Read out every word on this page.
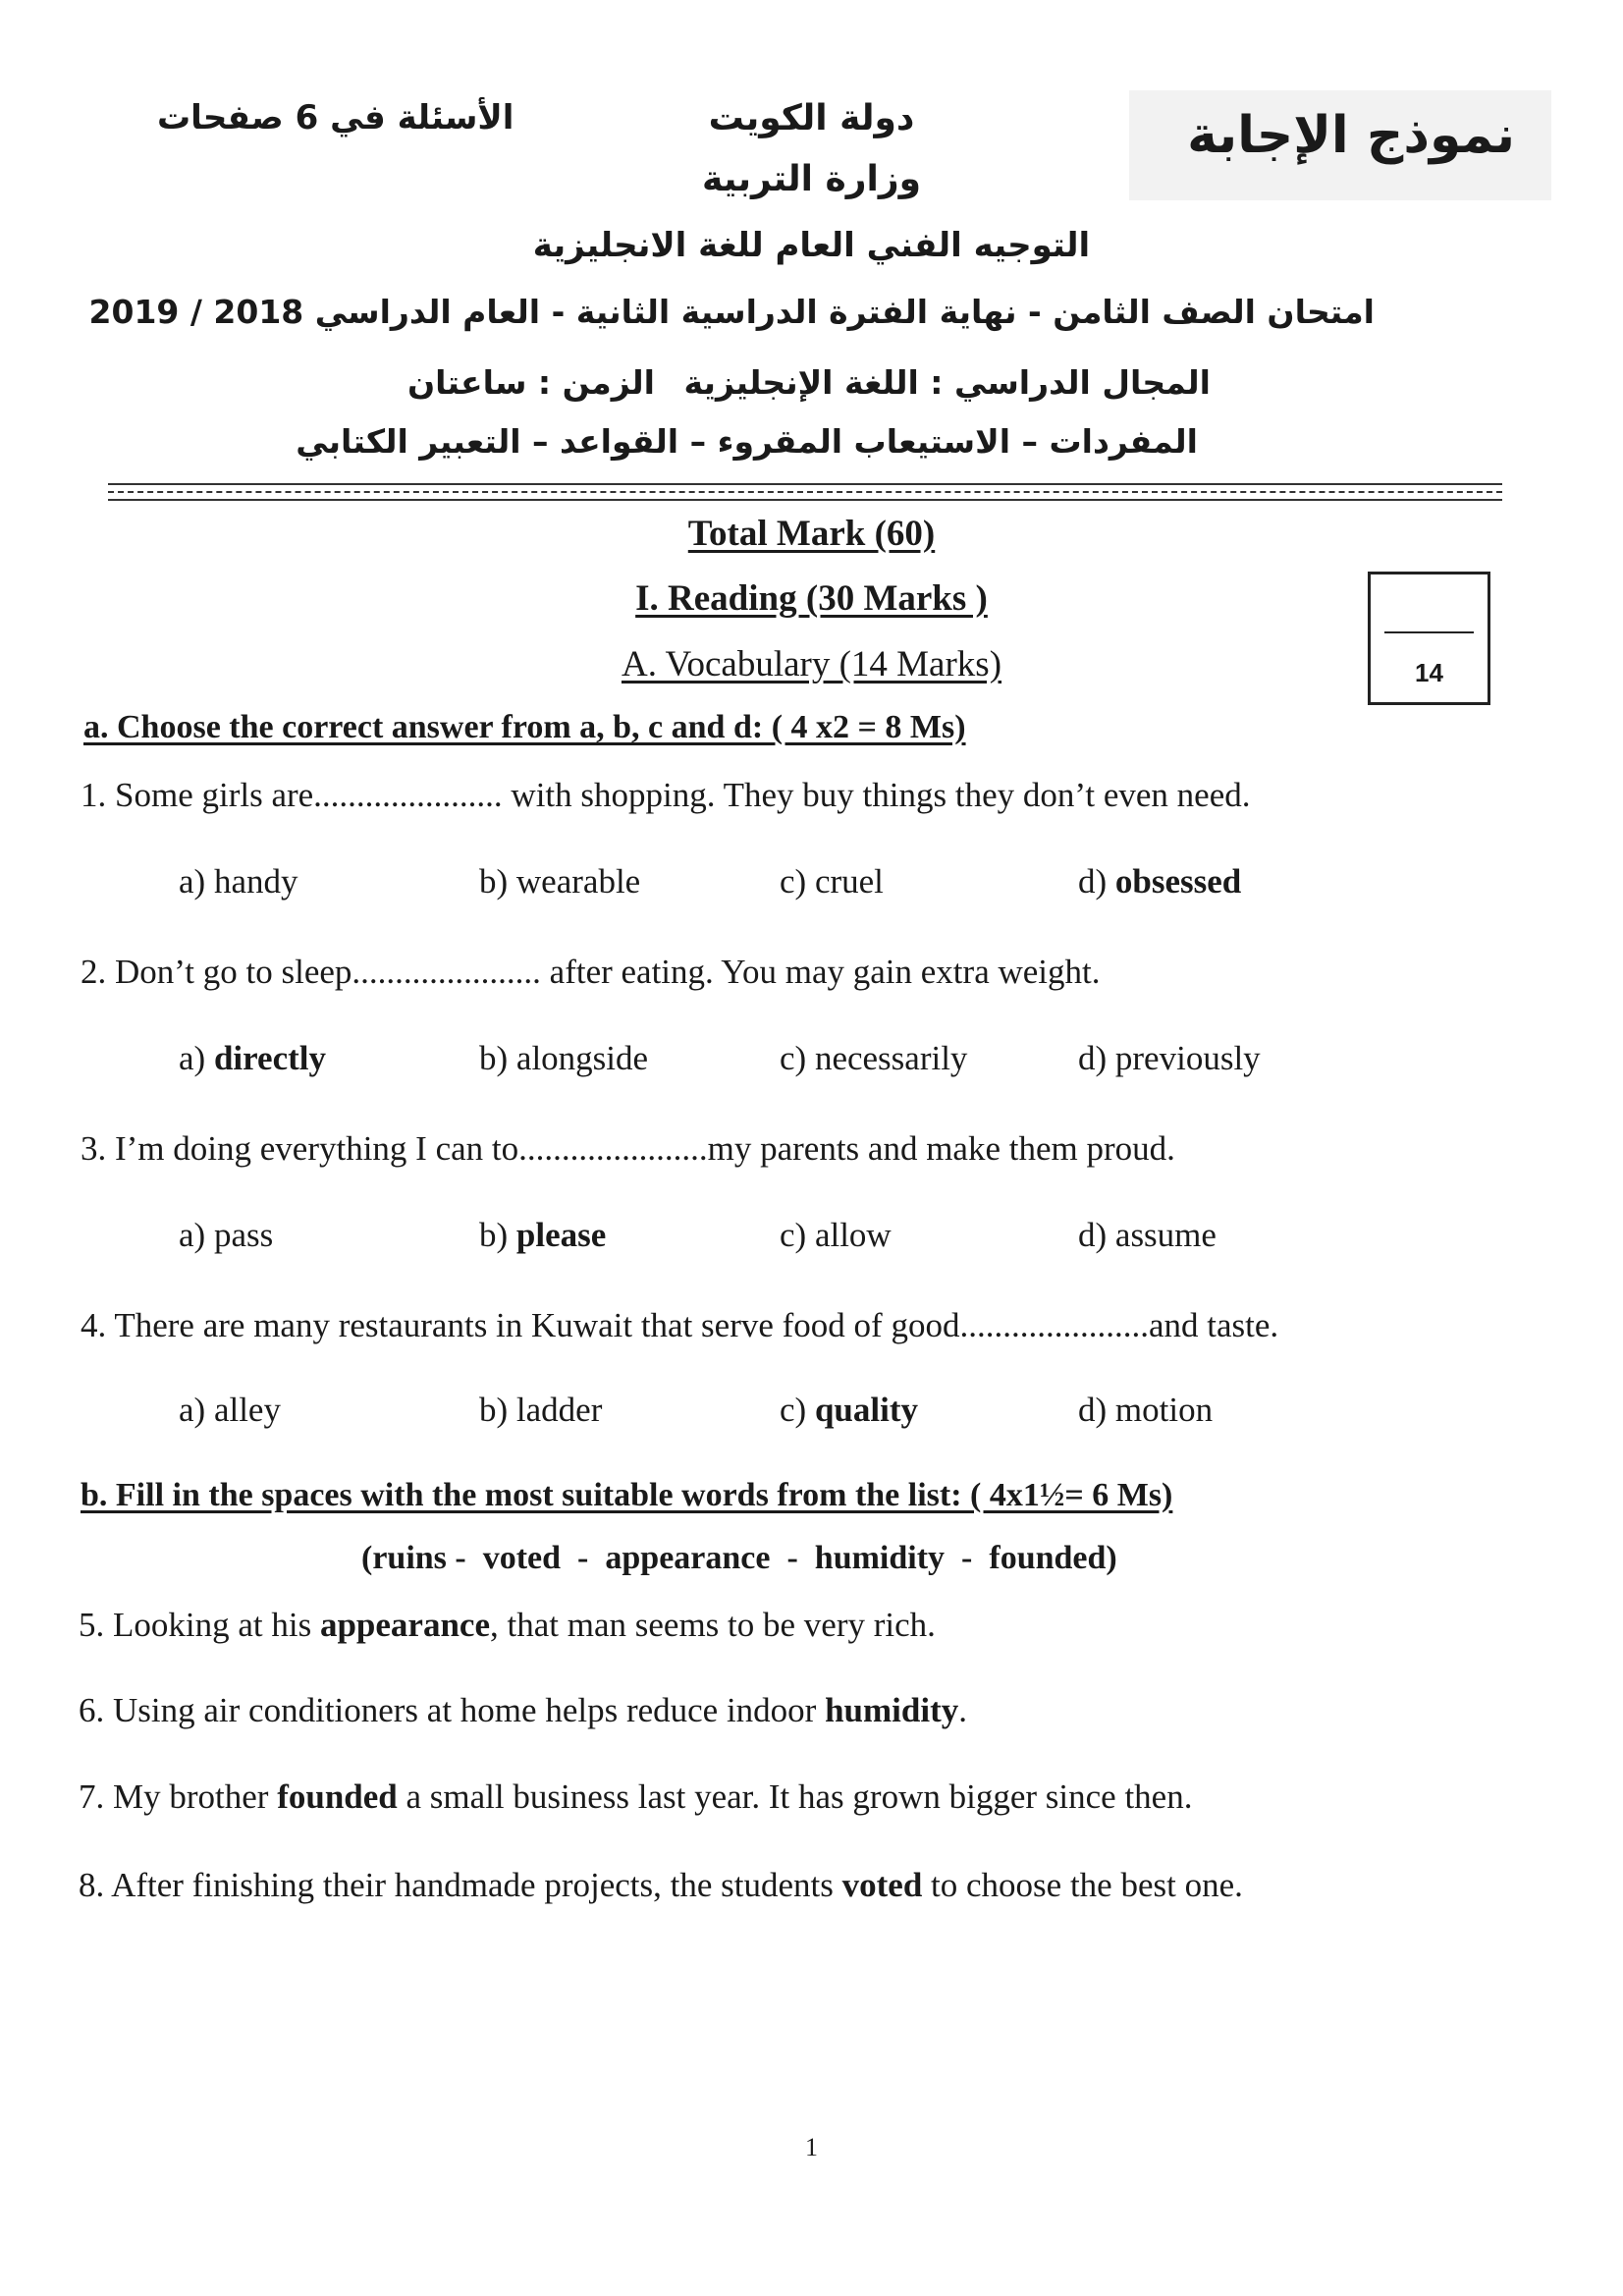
نموذج الإجابة
الأسئلة في 6 صفحات	دولة الكويت
وزارة التربية
التوجيه الفني العام للغة الانجليزية
امتحان الصف الثامن - نهاية الفترة الدراسية الثانية - العام الدراسي 2018 / 2019
المجال الدراسي : اللغة الإنجليزية
الزمن : ساعتان
المفردات – الاستيعاب المقروء – القواعد – التعبير الكتابي
Total Mark (60)
I. Reading (30 Marks )
A. Vocabulary (14 Marks)	14
a. Choose the correct answer from a, b, c and d: ( 4 x2 = 8 Ms)
1. Some girls are...................... with shopping. They buy things they don’t even need.
a) handy	b) wearable	c) cruel	d) obsessed
2. Don’t go to sleep...................... after eating. You may gain extra weight.
a) directly	b) alongside	c) necessarily	d) previously
3. I’m doing everything I can to......................my parents and make them proud.
a) pass	b) please	c) allow	d) assume
4. There are many restaurants in Kuwait that serve food of good......................and taste.
a) alley	b) ladder	c) quality	d) motion
b. Fill in the spaces with the most suitable words from the list: ( 4x1½= 6 Ms)
(ruins -  voted  -  appearance  -  humidity  -  founded)
5. Looking at his appearance, that man seems to be very rich.
6. Using air conditioners at home helps reduce indoor humidity.
7. My brother founded a small business last year. It has grown bigger since then.
8. After finishing their handmade projects, the students voted to choose the best one.
1
